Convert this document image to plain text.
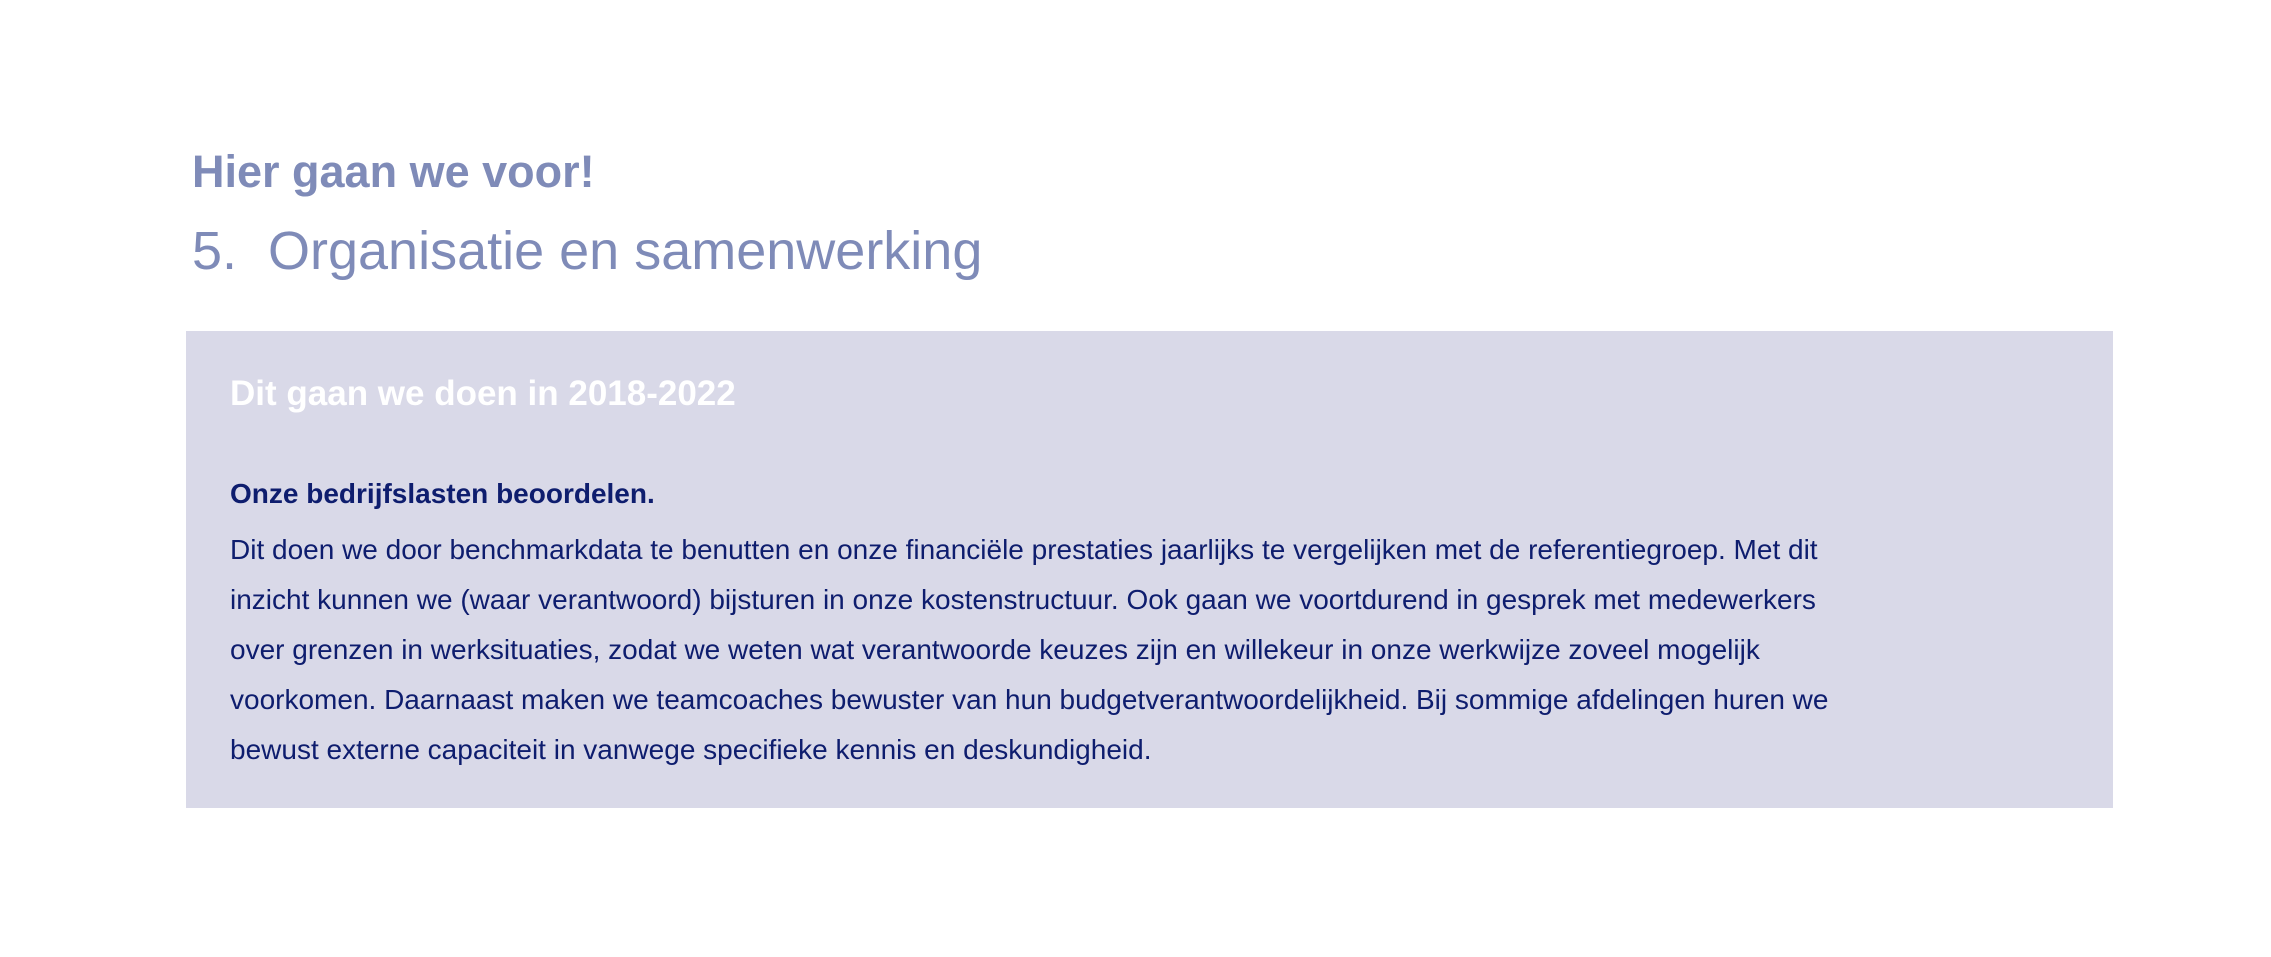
Hier gaan we voor!
5. Organisatie en samenwerking
Dit gaan we doen in 2018-2022

Onze bedrijfslasten beoordelen.

Dit doen we door benchmarkdata te benutten en onze financiële prestaties jaarlijks te vergelijken met de referentiegroep. Met dit
inzicht kunnen we (waar verantwoord) bijsturen in onze kostenstructuur. Ook gaan we voortdurend in gesprek met medewerkers
over grenzen in werksituaties, zodat we weten wat verantwoorde keuzes zijn en willekeur in onze werkwijze zoveel mogelijk
voorkomen. Daarnaast maken we teamcoaches bewuster van hun budgetverantwoordelijkheid. Bij sommige afdelingen huren we
bewust externe capaciteit in vanwege specifieke kennis en deskundigheid.
